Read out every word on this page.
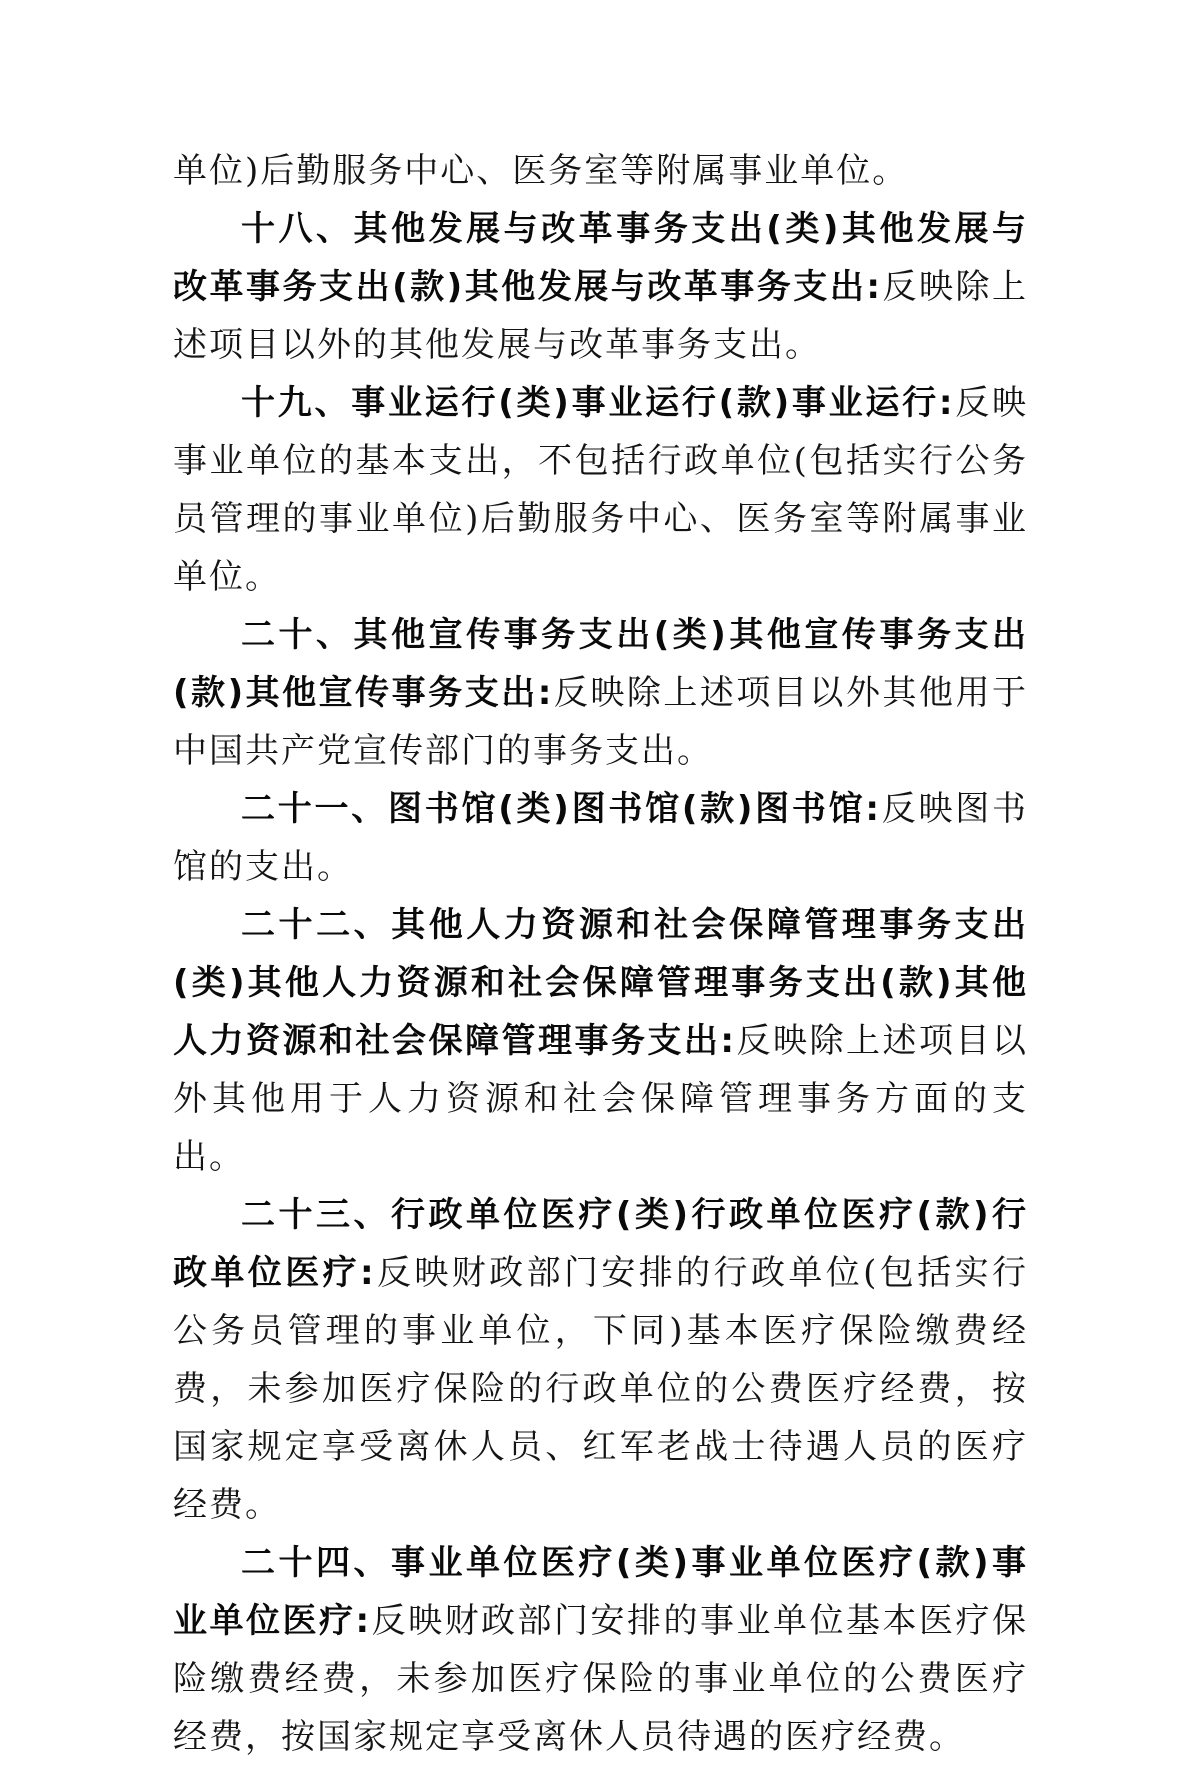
单位)后勤服务中心、医务室等附属事业单位。

十八、其他发展与改革事务支出(类)其他发展与改革事务支出(款)其他发展与改革事务支出:反映除上述项目以外的其他发展与改革事务支出。

十九、事业运行(类)事业运行(款)事业运行:反映事业单位的基本支出，不包括行政单位(包括实行公务员管理的事业单位)后勤服务中心、医务室等附属事业单位。

二十、其他宣传事务支出(类)其他宣传事务支出(款)其他宣传事务支出:反映除上述项目以外其他用于中国共产党宣传部门的事务支出。

二十一、图书馆(类)图书馆(款)图书馆:反映图书馆的支出。

二十二、其他人力资源和社会保障管理事务支出(类)其他人力资源和社会保障管理事务支出(款)其他人力资源和社会保障管理事务支出:反映除上述项目以外其他用于人力资源和社会保障管理事务方面的支出。

二十三、行政单位医疗(类)行政单位医疗(款)行政单位医疗:反映财政部门安排的行政单位(包括实行公务员管理的事业单位，下同)基本医疗保险缴费经费，未参加医疗保险的行政单位的公费医疗经费，按国家规定享受离休人员、红军老战士待遇人员的医疗经费。

二十四、事业单位医疗(类)事业单位医疗(款)事业单位医疗:反映财政部门安排的事业单位基本医疗保险缴费经费，未参加医疗保险的事业单位的公费医疗经费，按国家规定享受离休人员待遇的医疗经费。
